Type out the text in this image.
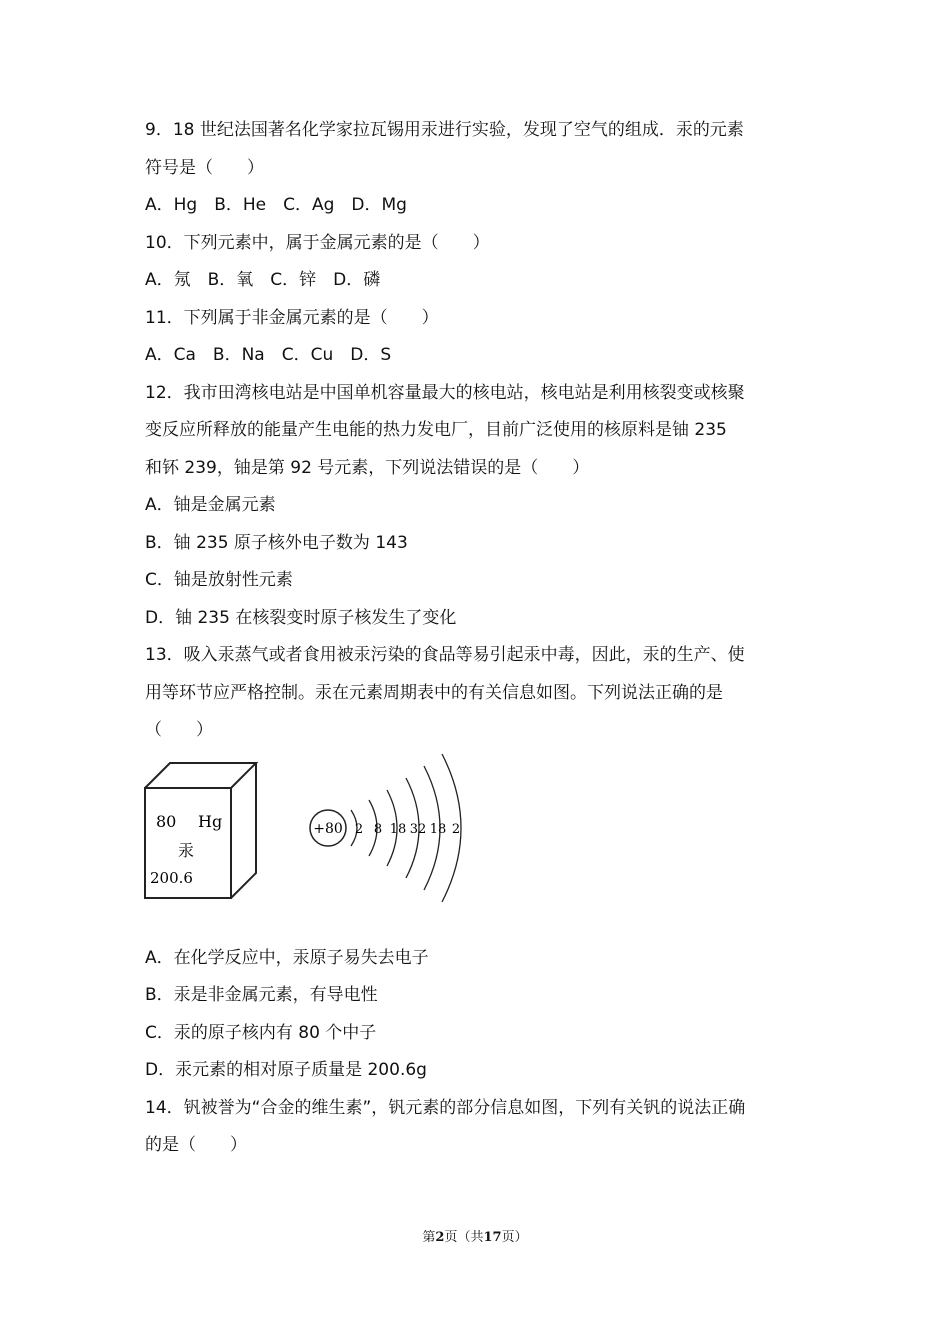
9．18 世纪法国著名化学家拉瓦锡用汞进行实验，发现了空气的组成．汞的元素
符号是（　　）
A．Hg　B．He　C．Ag　D．Mg
10．下列元素中，属于金属元素的是（　　）
A．氖　B．氧　C．锌　D．磷
11．下列属于非金属元素的是（　　）
A．Ca　B．Na　C．Cu　D．S
12．我市田湾核电站是中国单机容量最大的核电站，核电站是利用核裂变或核聚
变反应所释放的能量产生电能的热力发电厂，目前广泛使用的核原料是铀 235
和钚 239，铀是第 92 号元素，下列说法错误的是（　　）
A．铀是金属元素
B．铀 235 原子核外电子数为 143
C．铀是放射性元素
D．铀 235 在核裂变时原子核发生了变化
13．吸入汞蒸气或者食用被汞污染的食品等易引起汞中毒，因此，汞的生产、使
用等环节应严格控制。汞在元素周期表中的有关信息如图。下列说法正确的是
（　　）
80 Hg
汞
200.6
+80 2 8 18 32 18 2
A．在化学反应中，汞原子易失去电子
B．汞是非金属元素，有导电性
C．汞的原子核内有 80 个中子
D．汞元素的相对原子质量是 200.6g
14．钒被誉为“合金的维生素”，钒元素的部分信息如图，下列有关钒的说法正确
的是（　　）
第2页（共17页）
